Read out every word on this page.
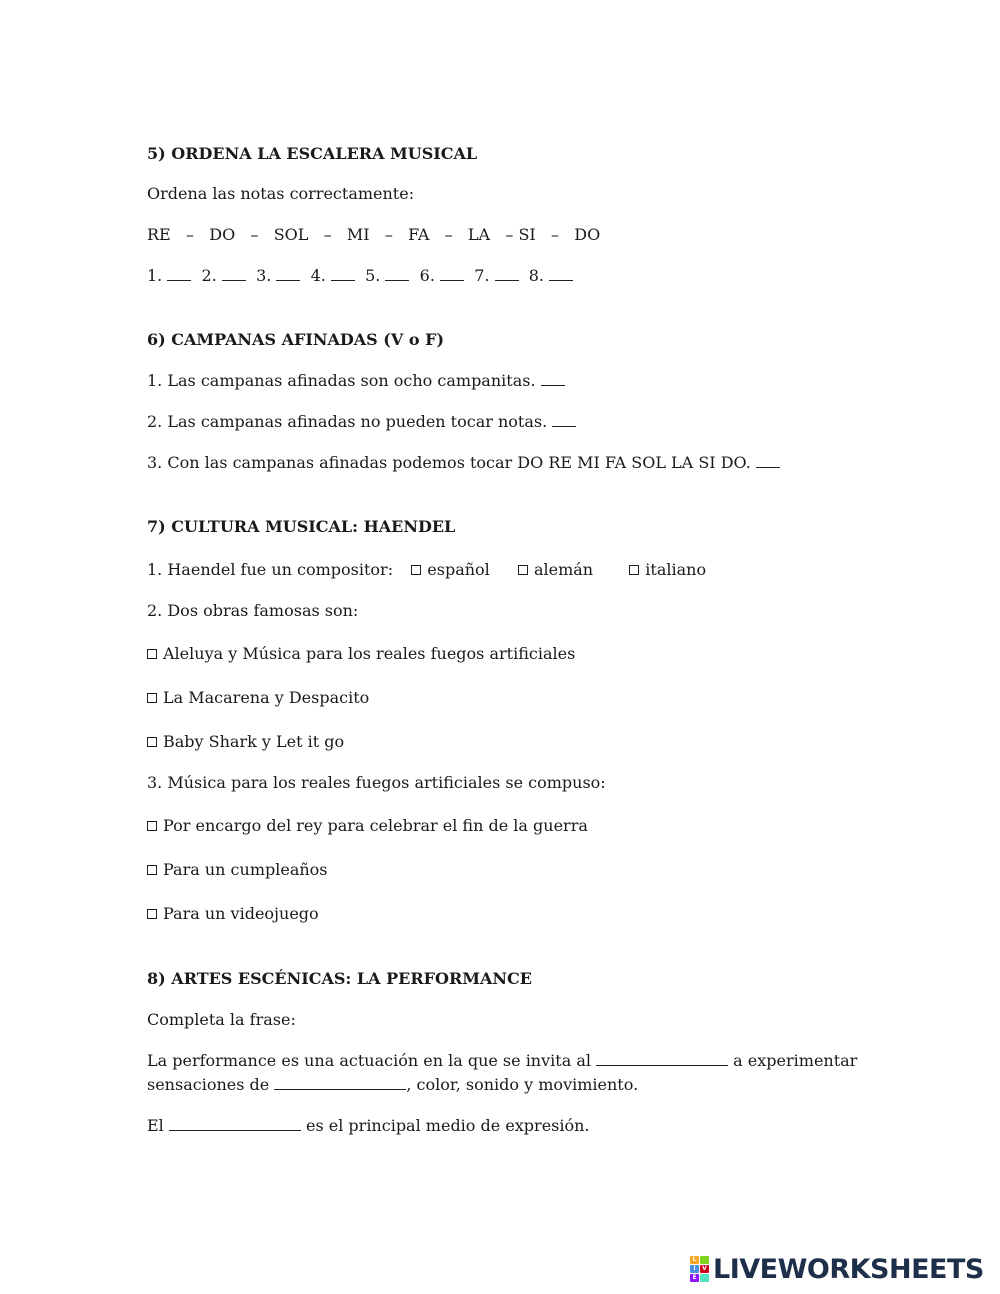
5) ORDENA LA ESCALERA MUSICAL
Ordena las notas correctamente:
RE   –   DO   –   SOL   –   MI   –   FA   –   LA   – SI   –   DO
1. 2. 3. 4. 5. 6. 7. 8.
6) CAMPANAS AFINADAS (V o F)
1. Las campanas afinadas son ocho campanitas.
2. Las campanas afinadas no pueden tocar notas.
3. Con las campanas afinadas podemos tocar DO RE MI FA SOL LA SI DO.
7) CULTURA MUSICAL: HAENDEL
1. Haendel fue un compositor: español	alemán	italiano
2. Dos obras famosas son:
Aleluya y Música para los reales fuegos artificiales
La Macarena y Despacito
Baby Shark y Let it go
3. Música para los reales fuegos artificiales se compuso:
Por encargo del rey para celebrar el fin de la guerra
Para un cumpleaños
Para un videojuego
8) ARTES ESCÉNICAS: LA PERFORMANCE
Completa la frase:
La performance es una actuación en la que se invita al	a experimentar
sensaciones de	, color, sonido y movimiento.
El	es el principal medio de expresión.
L
I	V
E LIVEWORKSHEETS
